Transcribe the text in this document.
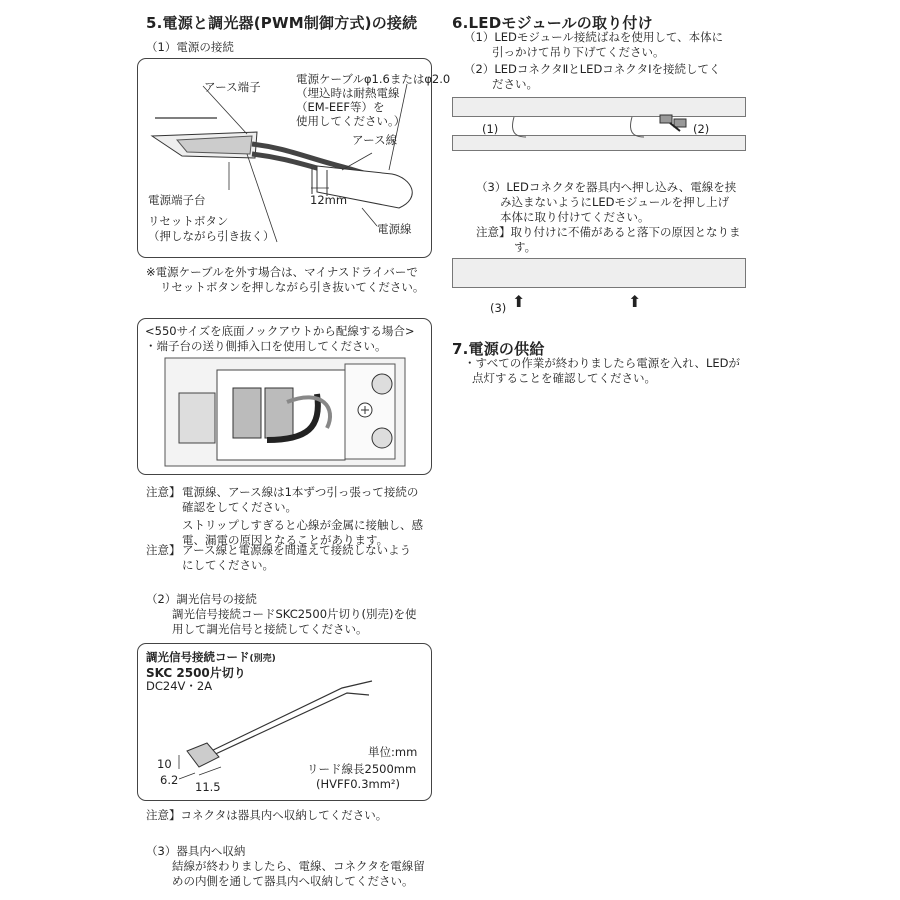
5.電源と調光器(PWM制御方式)の接続
（1）電源の接続
電源ケーブルφ1.6またはφ2.0
（埋込時は耐熱電線
（EM-EEF等）を
使用してください。）
アース端子
アース線
電源端子台
リセットボタン
（押しながら引き抜く）
12mm
電源線
※電源ケーブルを外す場合は、マイナスドライバーで
リセットボタンを押しながら引き抜いてください。
<550サイズを底面ノックアウトから配線する場合>
・端子台の送り側挿入口を使用してください。
注意】 電源線、アース線は1本ずつ引っ張って接続の
確認をしてください。
ストリップしすぎると心線が金属に接触し、感
電、漏電の原因となることがあります。
注意】 アース線と電源線を間違えて接続しないよう
にしてください。
（2）調光信号の接続
調光信号接続コードSKC2500片切り(別売)を使
用して調光信号と接続してください。
調光信号接続コード(別売)
SKC 2500片切り
DC24V・2A
10
6.2 11.5
単位:mm
リード線長2500mm
(HVFF0.3mm²)
注意】コネクタは器具内へ収納してください。
（3）器具内へ収納
結線が終わりましたら、電線、コネクタを電線留
めの内側を通して器具内へ収納してください。
6.LEDモジュールの取り付け
（1）LEDモジュール接続ばねを使用して、本体に
引っかけて吊り下げてください。
（2）LEDコネクタⅡとLEDコネクタⅠを接続してく
ださい。
(1)	(2)
（3）LEDコネクタを器具内へ押し込み、電線を挟
み込まないようにLEDモジュールを押し上げ
本体に取り付けてください。
注意】取り付けに不備があると落下の原因となりま
す。
(3) ⬆	⬆
7.電源の供給
・すべての作業が終わりましたら電源を入れ、LEDが
点灯することを確認してください。
